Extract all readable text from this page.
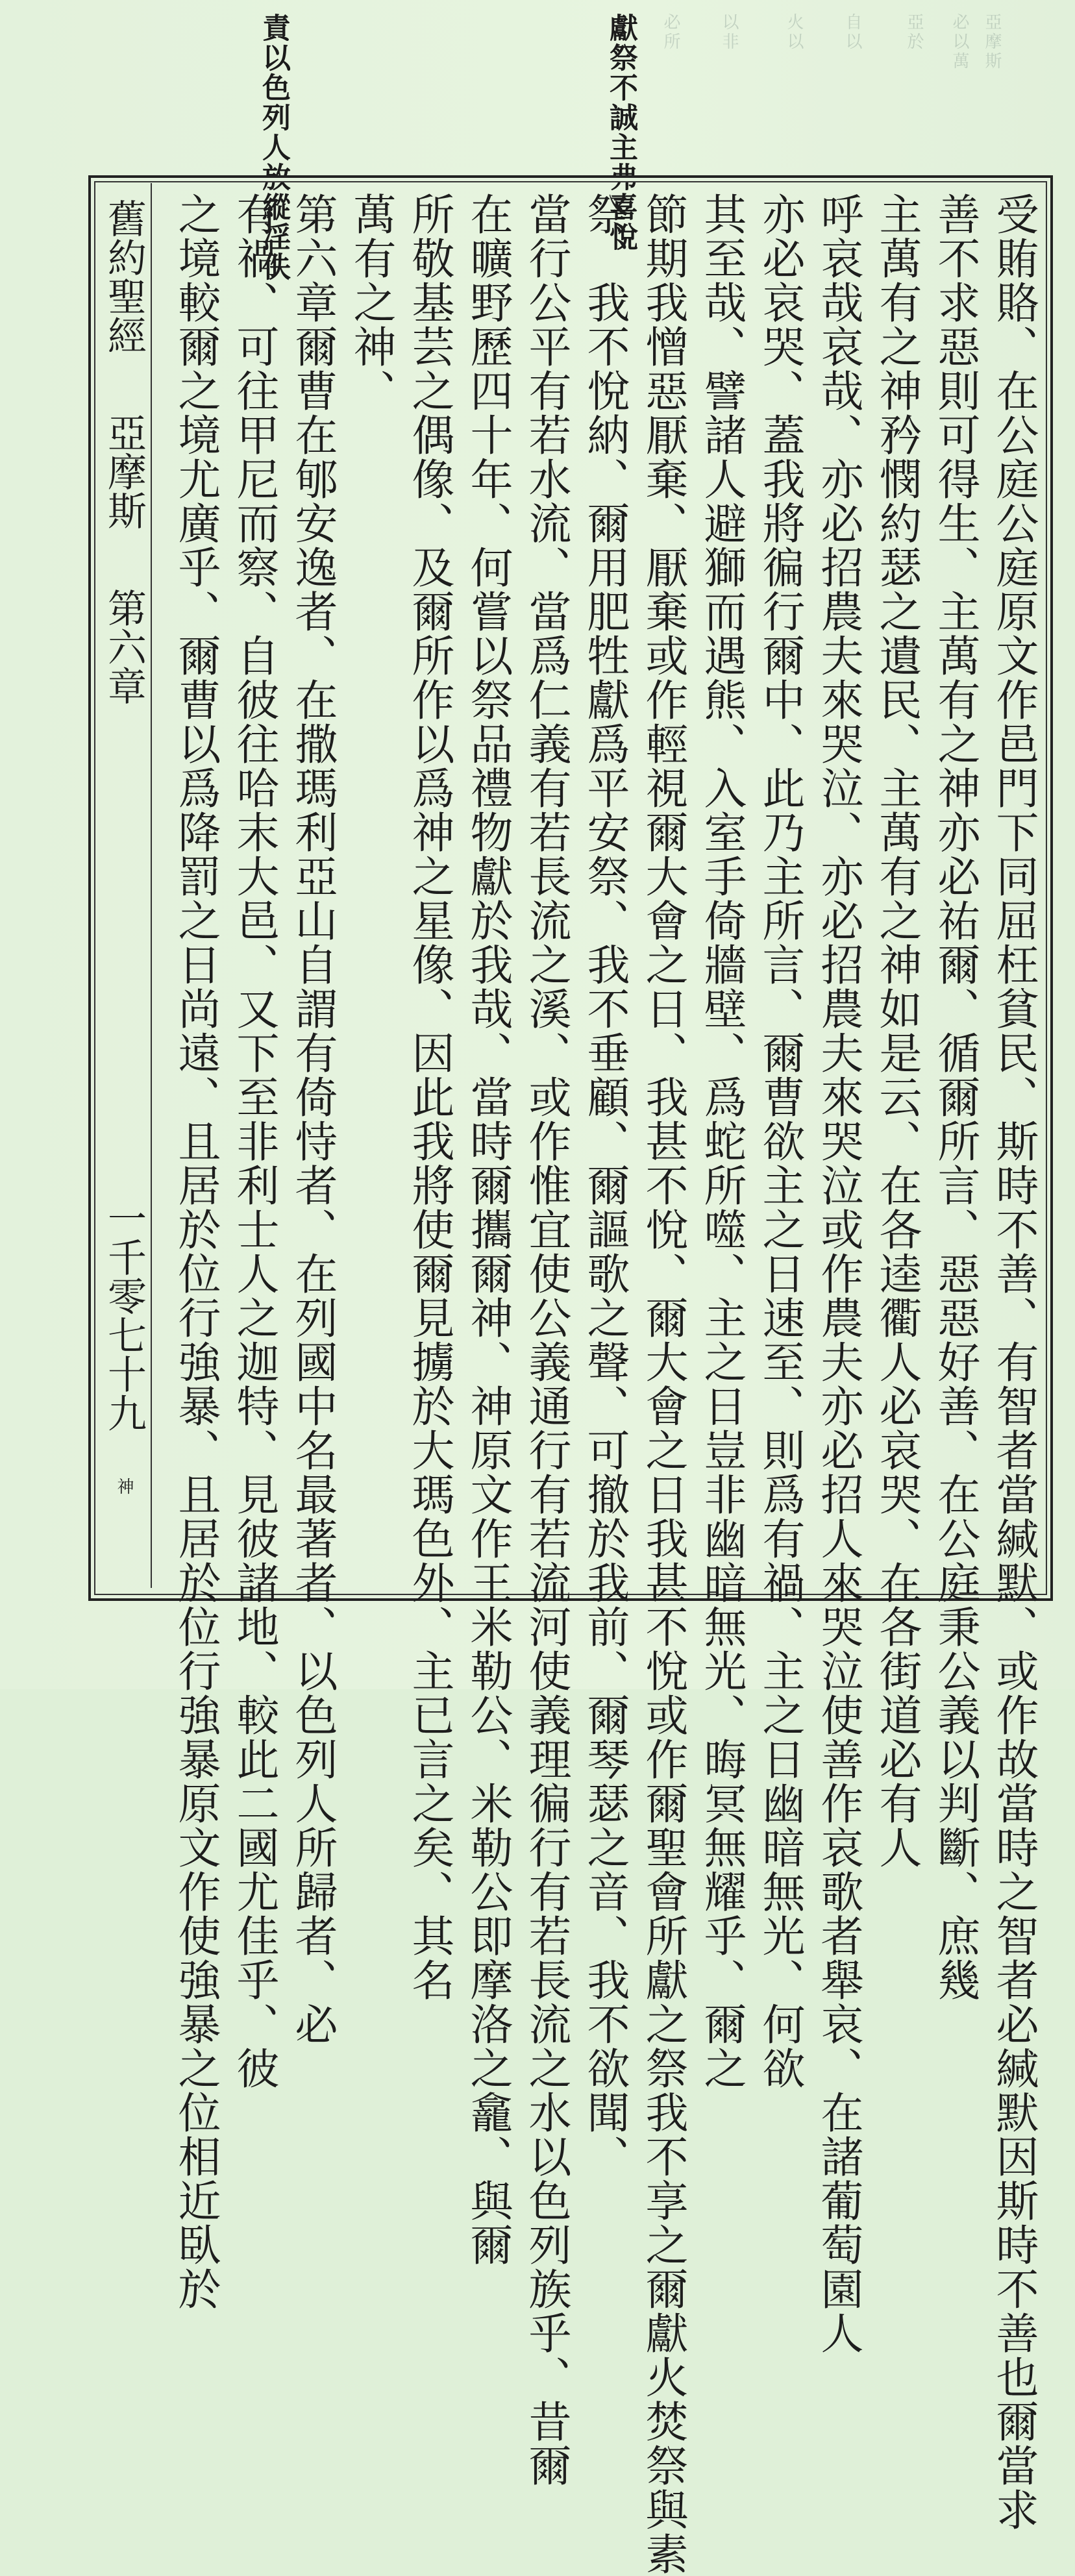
亞摩斯
必以萬
亞於
自以
火以
以非
必所
獻祭不誠主弗喜悅
責以色列人放縱淫佚
舊約聖經亞摩斯第六章一千零七十九神	受賄賂、在公庭公庭原文作邑門下同屈枉貧民、斯時不善、有智者當緘默、或作故當時之智者必緘默因斯時不善也爾當求
善不求惡則可得生、主萬有之神亦必祐爾、循爾所言、惡惡好善、在公庭秉公義以判斷、庶幾
主萬有之神矜憫約瑟之遺民、主萬有之神如是云、在各逵衢人必哀哭、在各街道必有人
呼哀哉哀哉、亦必招農夫來哭泣、亦必招農夫來哭泣或作農夫亦必招人來哭泣使善作哀歌者舉哀、在諸葡萄園人
亦必哀哭、蓋我將徧行爾中、此乃主所言、爾曹欲主之日速至、則爲有禍、主之日幽暗無光、何欲
其至哉、譬諸人避獅而遇熊、入室手倚牆壁、爲蛇所噬、主之日豈非幽暗無光、晦冥無耀乎、爾之
節期我憎惡厭棄、厭棄或作輕視爾大會之日、我甚不悅、爾大會之日我甚不悅或作爾聖會所獻之祭我不享之爾獻火焚祭與素
祭、我不悅納、爾用肥牲獻爲平安祭、我不垂顧、爾謳歌之聲、可撤於我前、爾琴瑟之音、我不欲聞、
當行公平有若水流、當爲仁義有若長流之溪、或作惟宜使公義通行有若流河使義理徧行有若長流之水以色列族乎、昔爾
在曠野歷四十年、何嘗以祭品禮物獻於我哉、當時爾攜爾神、神原文作王米勒公、米勒公即摩洛之龕、與爾
所敬基芸之偶像、及爾所作以爲神之星像、因此我將使爾見擄於大瑪色外、主已言之矣、其名
萬有之神、
第六章爾曹在郇安逸者、在撒瑪利亞山自謂有倚恃者、在列國中名最著者、以色列人所歸者、必
有禍、可往甲尼而察、自彼往哈末大邑、又下至非利士人之迦特、見彼諸地、較此二國尤佳乎、彼
之境較爾之境尤廣乎、爾曹以爲降罰之日尚遠、且居於位行強暴、且居於位行強暴原文作使強暴之位相近臥於
